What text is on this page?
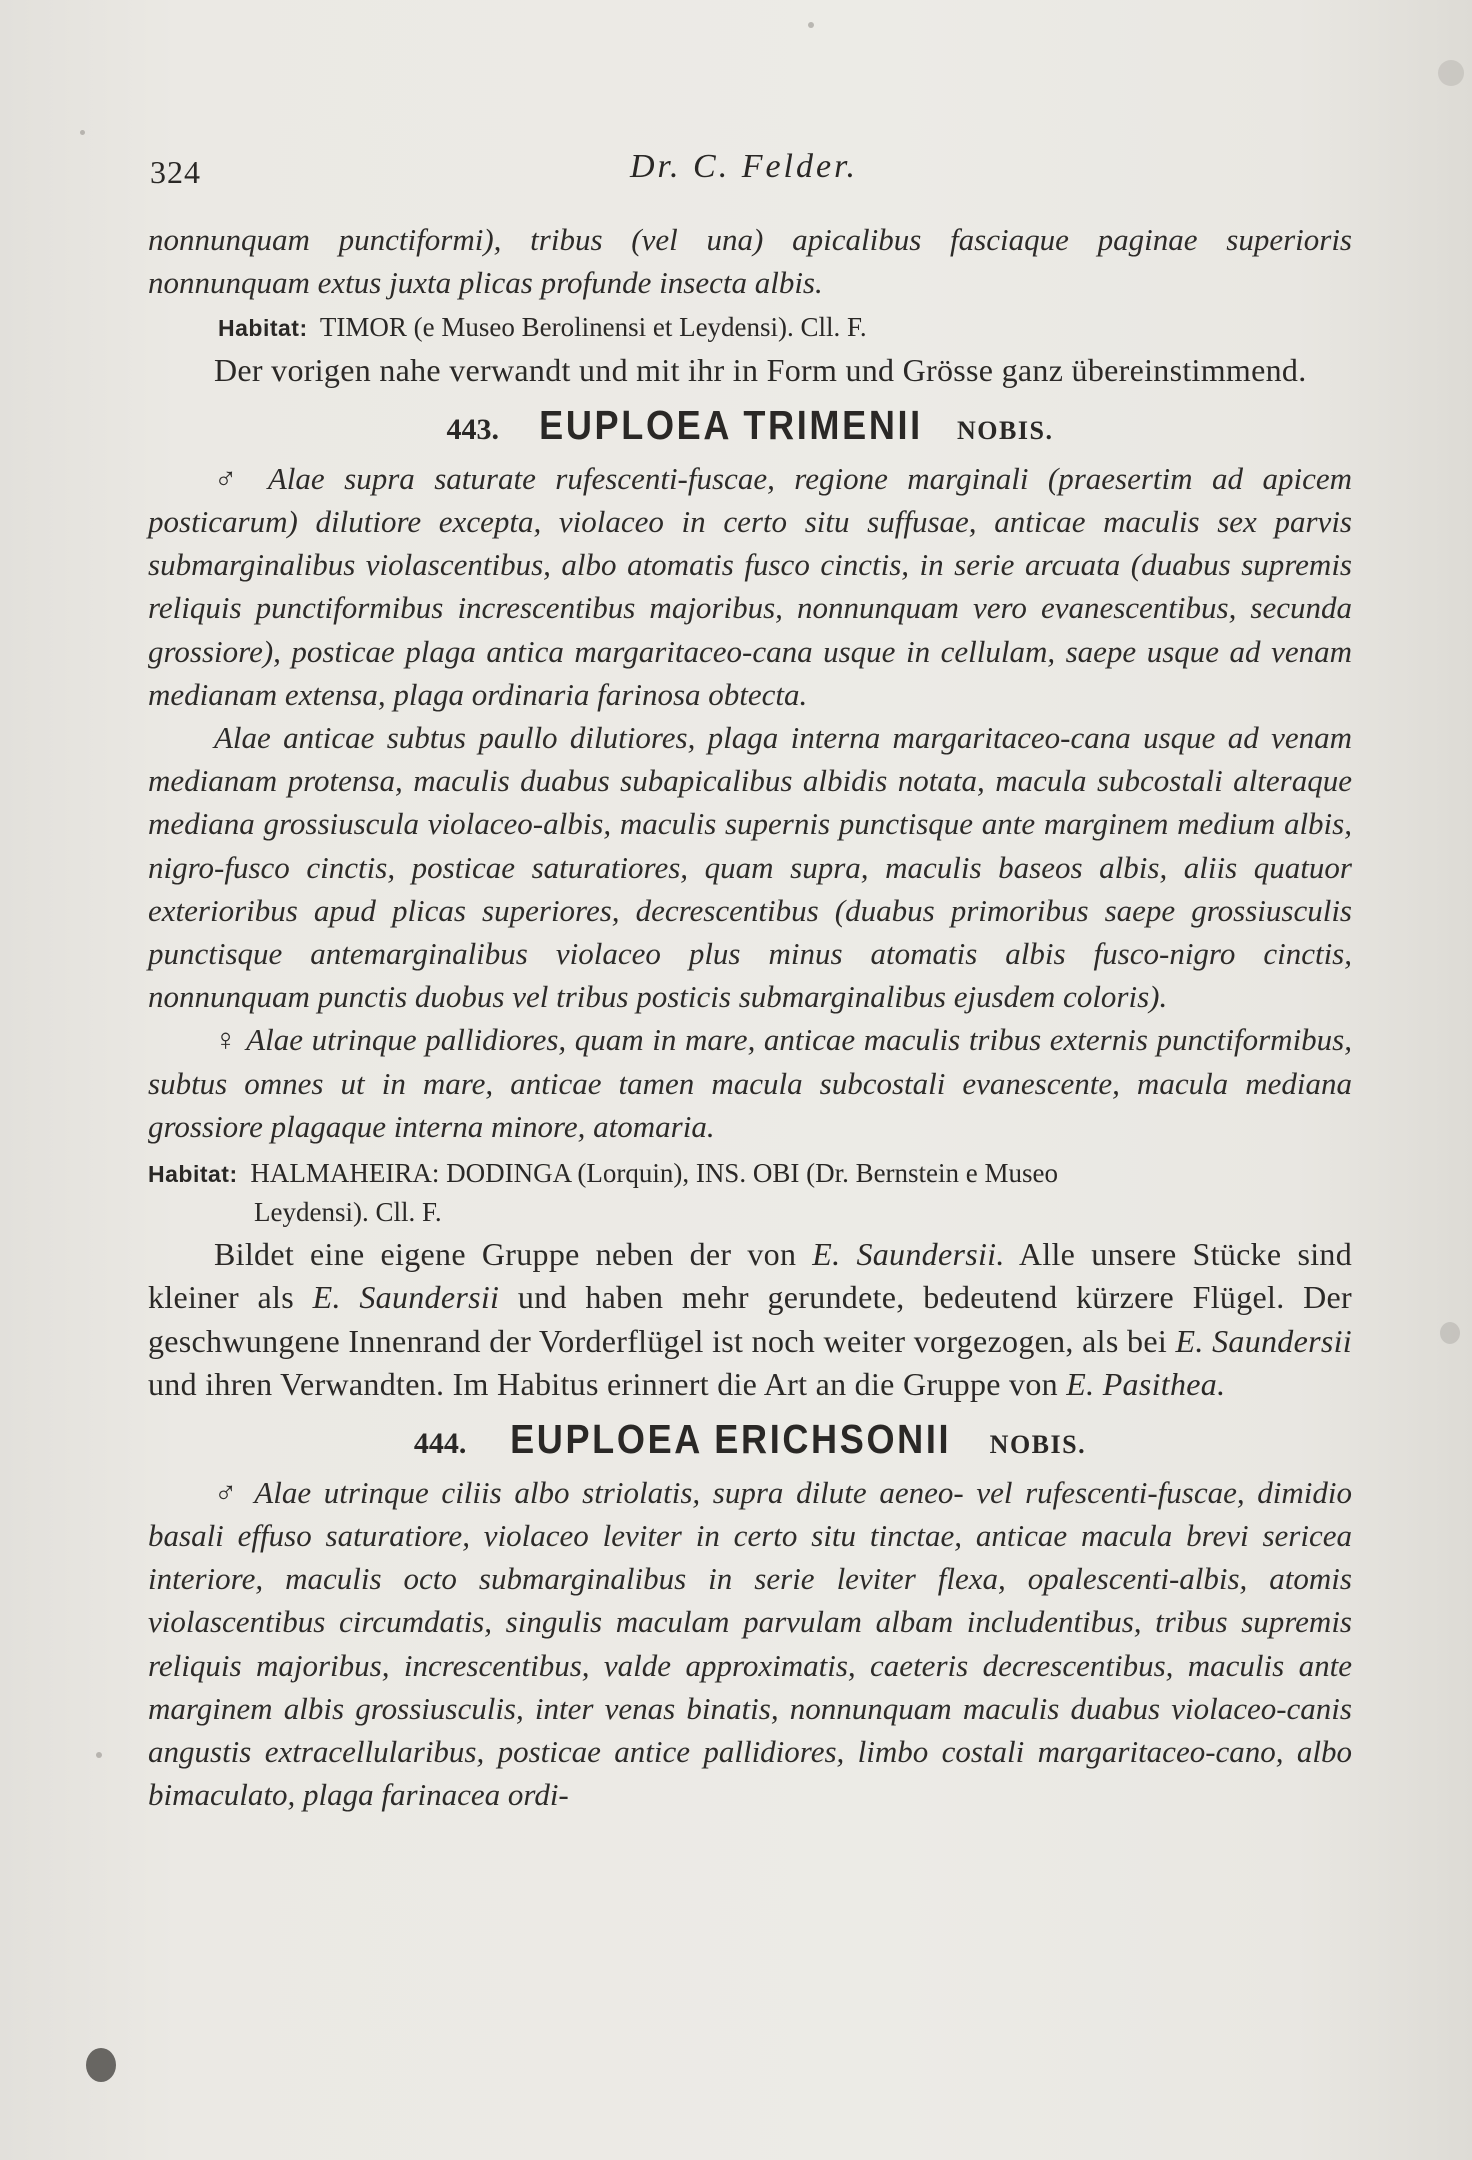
324	Dr. C. Felder.

nonnunquam punctiformi), tribus (vel una) apicalibus fasciaque paginae superioris nonnunquam extus juxta plicas profunde insecta albis.

Habitat: TIMOR (e Museo Berolinensi et Leydensi). Cll. F.

Der vorigen nahe verwandt und mit ihr in Form und Grösse ganz übereinstimmend.

443. EUPLOEA TRIMENII NOBIS.

♂ Alae supra saturate rufescenti-fuscae, regione marginali (praesertim ad apicem posticarum) dilutiore excepta, violaceo in certo situ suffusae, anticae maculis sex parvis submarginalibus violascentibus, albo atomatis fusco cinctis, in serie arcuata (duabus supremis reliquis punctiformibus increscentibus majoribus, nonnunquam vero evanescentibus, secunda grossiore), posticae plaga antica margaritaceo-cana usque in cellulam, saepe usque ad venam medianam extensa, plaga ordinaria farinosa obtecta.

Alae anticae subtus paullo dilutiores, plaga interna margaritaceo-cana usque ad venam medianam protensa, maculis duabus subapicalibus albidis notata, macula subcostali alteraque mediana grossiuscula violaceo-albis, maculis supernis punctisque ante marginem medium albis, nigro-fusco cinctis, posticae saturatiores, quam supra, maculis baseos albis, aliis quatuor exterioribus apud plicas superiores, decrescentibus (duabus primoribus saepe grossiusculis punctisque antemarginalibus violaceo plus minus atomatis albis fusco-nigro cinctis, nonnunquam punctis duobus vel tribus posticis submarginalibus ejusdem coloris).

♀ Alae utrinque pallidiores, quam in mare, anticae maculis tribus externis punctiformibus, subtus omnes ut in mare, anticae tamen macula subcostali evanescente, macula mediana grossiore plagaque interna minore, atomaria.

Habitat: HALMAHEIRA: DODINGA (Lorquin), INS. OBI (Dr. Bernstein e Museo
Leydensi). Cll. F.

Bildet eine eigene Gruppe neben der von E. Saundersii. Alle unsere Stücke sind kleiner als E. Saundersii und haben mehr gerundete, bedeutend kürzere Flügel. Der geschwungene Innenrand der Vorderflügel ist noch weiter vorgezogen, als bei E. Saundersii und ihren Verwandten. Im Habitus erinnert die Art an die Gruppe von E. Pasithea.

444. EUPLOEA ERICHSONII NOBIS.

♂ Alae utrinque ciliis albo striolatis, supra dilute aeneo- vel rufescenti-fuscae, dimidio basali effuso saturatiore, violaceo leviter in certo situ tinctae, anticae macula brevi sericea interiore, maculis octo submarginalibus in serie leviter flexa, opalescenti-albis, atomis violascentibus circumdatis, singulis maculam parvulam albam includentibus, tribus supremis reliquis majoribus, increscentibus, valde approximatis, caeteris decrescentibus, maculis ante marginem albis grossiusculis, inter venas binatis, nonnunquam maculis duabus violaceo-canis angustis extracellularibus, posticae antice pallidiores, limbo costali margaritaceo-cano, albo bimaculato, plaga farinacea ordi-
